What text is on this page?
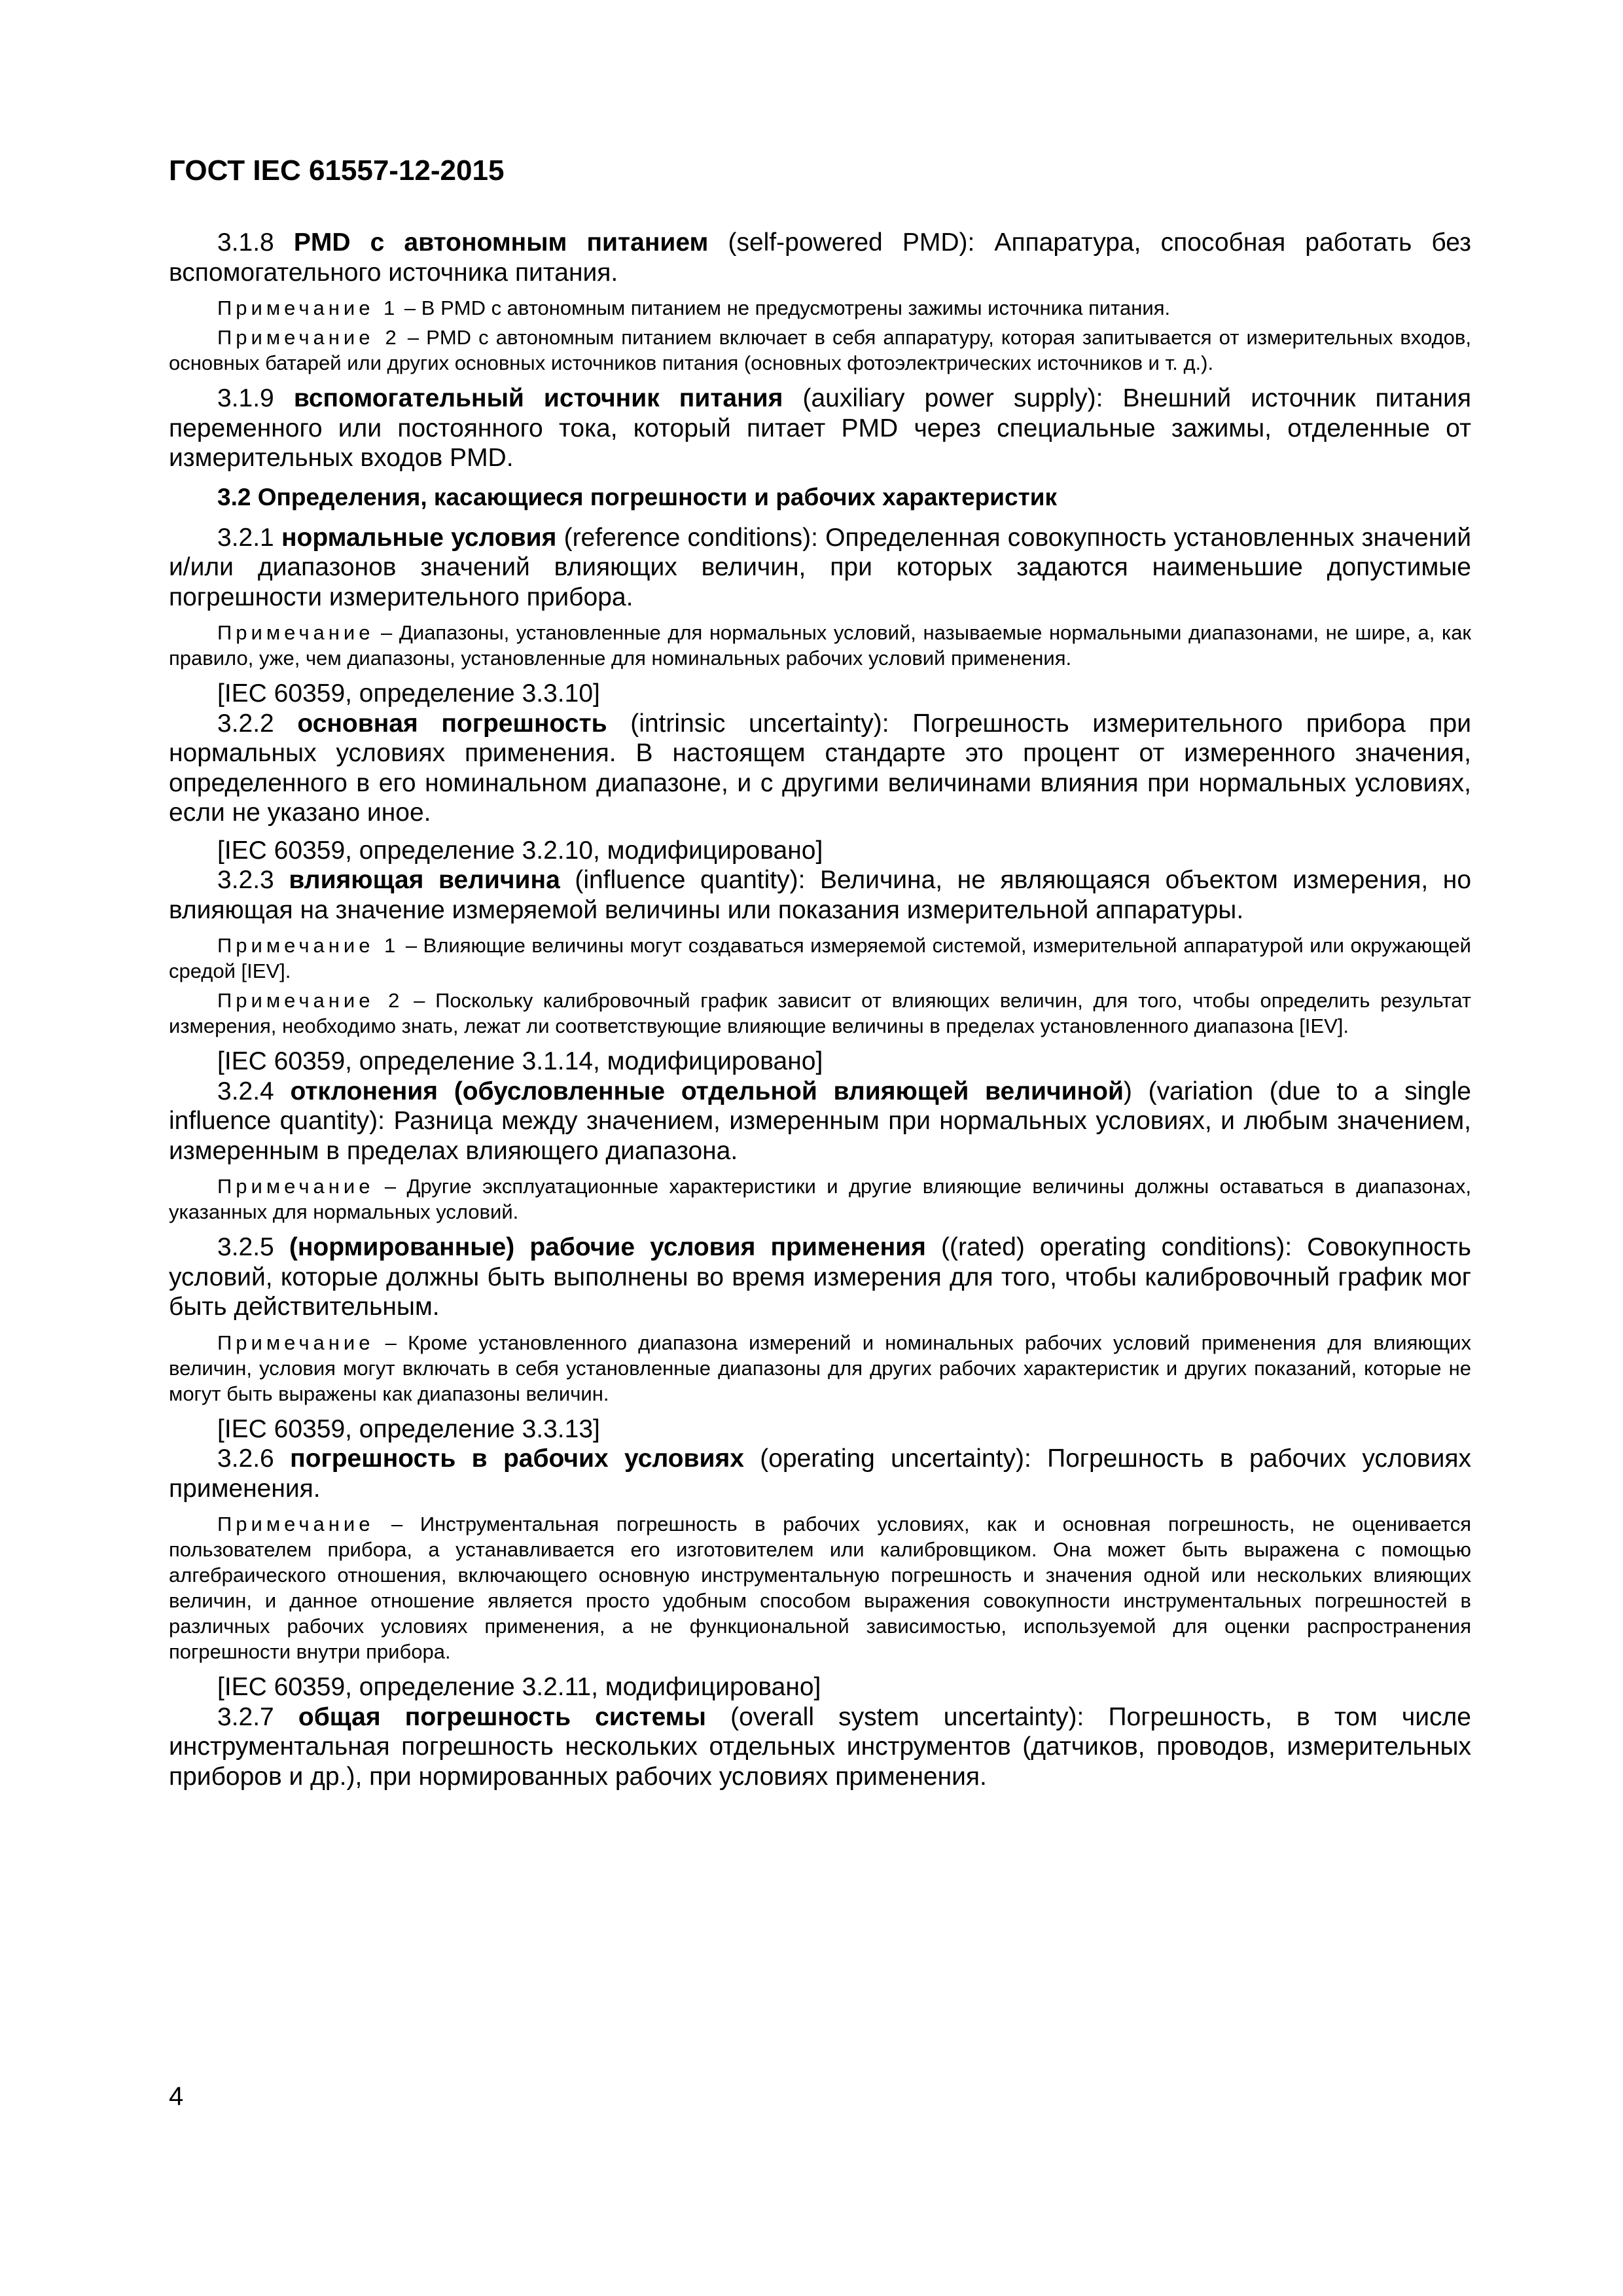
ГОСТ IEC 61557-12-2015

3.1.8 PMD с автономным питанием (self-powered PMD): Аппаратура, способная работать без вспомогательного источника питания.

Примечание 1 – В PMD с автономным питанием не предусмотрены зажимы источника питания.

Примечание 2 – PMD с автономным питанием включает в себя аппаратуру, которая запитывается от измерительных входов, основных батарей или других основных источников питания (основных фотоэлектрических источников и т. д.).

3.1.9 вспомогательный источник питания (auxiliary power supply): Внешний источник питания переменного или постоянного тока, который питает PMD через специальные зажимы, отделенные от измерительных входов PMD.

3.2 Определения, касающиеся погрешности и рабочих характеристик

3.2.1 нормальные условия (reference conditions): Определенная совокупность установленных значений и/или диапазонов значений влияющих величин, при которых задаются наименьшие допустимые погрешности измерительного прибора.

Примечание – Диапазоны, установленные для нормальных условий, называемые нормальными диапазонами, не шире, а, как правило, уже, чем диапазоны, установленные для номинальных рабочих условий применения.

[IEC 60359, определение 3.3.10]

3.2.2 основная погрешность (intrinsic uncertainty): Погрешность измерительного прибора при нормальных условиях применения. В настоящем стандарте это процент от измеренного значения, определенного в его номинальном диапазоне, и с другими величинами влияния при нормальных условиях, если не указано иное.

[IEC 60359, определение 3.2.10, модифицировано]

3.2.3 влияющая величина (influence quantity): Величина, не являющаяся объектом измерения, но влияющая на значение измеряемой величины или показания измерительной аппаратуры.

Примечание 1 – Влияющие величины могут создаваться измеряемой системой, измерительной аппаратурой или окружающей средой [IEV].

Примечание 2 – Поскольку калибровочный график зависит от влияющих величин, для того, чтобы определить результат измерения, необходимо знать, лежат ли соответствующие влияющие величины в пределах установленного диапазона [IEV].

[IEC 60359, определение 3.1.14, модифицировано]

3.2.4 отклонения (обусловленные отдельной влияющей величиной) (variation (due to a single influence quantity): Разница между значением, измеренным при нормальных условиях, и любым значением, измеренным в пределах влияющего диапазона.

Примечание – Другие эксплуатационные характеристики и другие влияющие величины должны оставаться в диапазонах, указанных для нормальных условий.

3.2.5 (нормированные) рабочие условия применения ((rated) operating conditions): Совокупность условий, которые должны быть выполнены во время измерения для того, чтобы калибровочный график мог быть действительным.

Примечание – Кроме установленного диапазона измерений и номинальных рабочих условий применения для влияющих величин, условия могут включать в себя установленные диапазоны для других рабочих характеристик и других показаний, которые не могут быть выражены как диапазоны величин.

[IEC 60359, определение 3.3.13]

3.2.6 погрешность в рабочих условиях (operating uncertainty): Погрешность в рабочих условиях применения.

Примечание – Инструментальная погрешность в рабочих условиях, как и основная погрешность, не оценивается пользователем прибора, а устанавливается его изготовителем или калибровщиком. Она может быть выражена с помощью алгебраического отношения, включающего основную инструментальную погрешность и значения одной или нескольких влияющих величин, и данное отношение является просто удобным способом выражения совокупности инструментальных погрешностей в различных рабочих условиях применения, а не функциональной зависимостью, используемой для оценки распространения погрешности внутри прибора.

[IEC 60359, определение 3.2.11, модифицировано]

3.2.7 общая погрешность системы (overall system uncertainty): Погрешность, в том числе инструментальная погрешность нескольких отдельных инструментов (датчиков, проводов, измерительных приборов и др.), при нормированных рабочих условиях применения.

4
